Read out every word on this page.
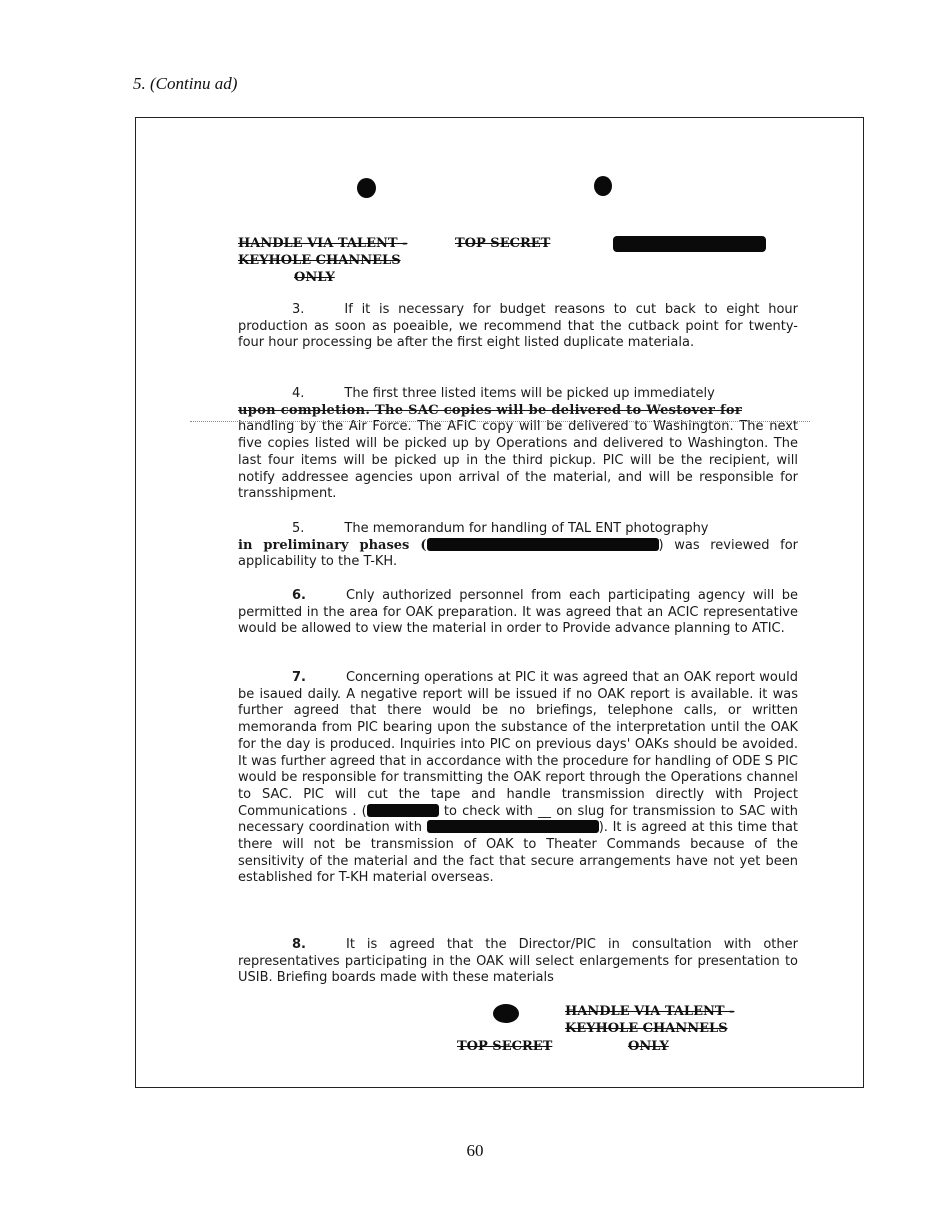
5. (Continu ad)
HANDLE VIA TALENT -
KEYHOLE CHANNELS
ONLY
TOP SECRET

3.	If it is necessary for budget reasons to cut back to eight hour production as soon as poeaible, we recommend that the cutback point for twenty-four hour processing be after the first eight listed duplicate materiala.

4.	The first three listed items will be picked up immediately

upon completion. The SAC copies will be delivered to Westover for

handling by the Air Force. The AFIC copy will be delivered to Washington. The next five copies listed will be picked up by Operations and delivered to Washington. The last four items will be picked up in the third pickup. PIC will be the recipient, will notify addressee agencies upon arrival of the material, and will be responsible for transshipment.

5.	The memorandum for handling of TAL ENT photography

in preliminary phases (	) was reviewed for applicability to the T-KH.

6.	Cnly authorized personnel from each participating agency will be permitted in the area for OAK preparation. It was agreed that an ACIC representative would be allowed to view the material in order to Provide advance planning to ATIC.

7.	Concerning operations at PIC it was agreed that an OAK report would be isaued daily. A negative report will be issued if no OAK report is available. it was further agreed that there would be no briefings, telephone calls, or written memoranda from PIC bearing upon the substance of the interpretation until the OAK for the day is produced. Inquiries into PIC on previous days' OAKs should be avoided. It was further agreed that in accordance with the procedure for handling of ODE S PIC would be responsible for transmitting the OAK report through the Operations channel to SAC. PIC will cut the tape and handle transmission directly with Project Communications . (	to check with __ on slug for transmission to SAC with necessary coordination with	). It is agreed at this time that there will not be transmission of OAK to Theater Commands because of the sensitivity of the material and the fact that secure arrangements have not yet been established for T-KH material overseas.

8.	It is agreed that the Director/PIC in consultation with other representatives participating in the OAK will select enlargements for presentation to USIB. Briefing boards made with these materials

HANDLE VIA TALENT -
KEYHOLE CHANNELS
ONLY
TOP SECRET
60
